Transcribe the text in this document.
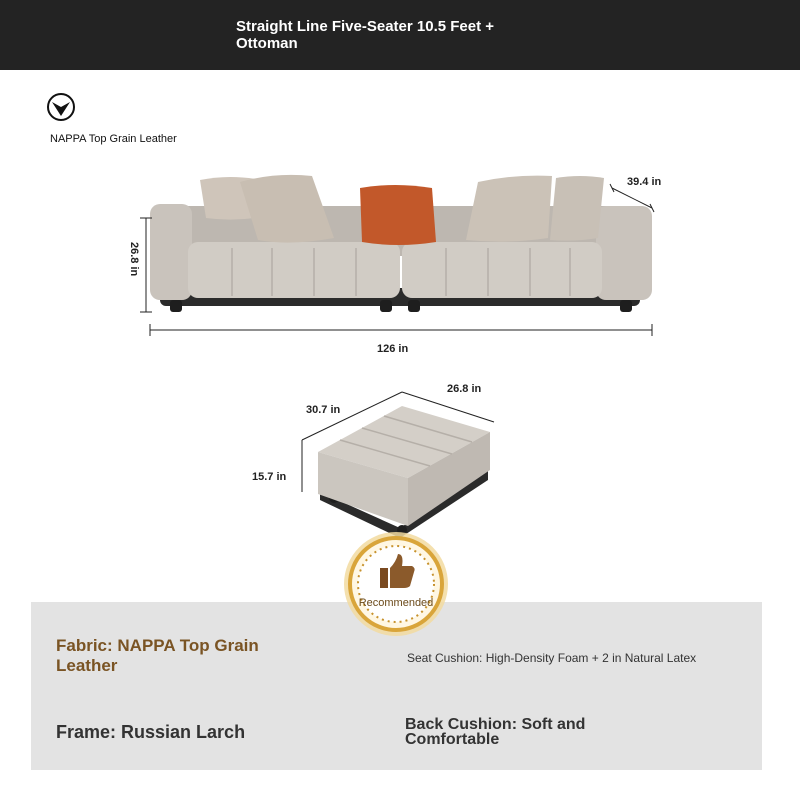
Straight Line Five-Seater 10.5 Feet + Ottoman
NAPPA Top Grain Leather
39.4 in
26.8 in
126 in
30.7 in
26.8 in
15.7 in
Fabric: NAPPA Top Grain Leather	Seat Cushion: High-Density Foam + 2 in Natural Latex
Frame: Russian Larch	Back Cushion: Soft and Comfortable
Recommended
